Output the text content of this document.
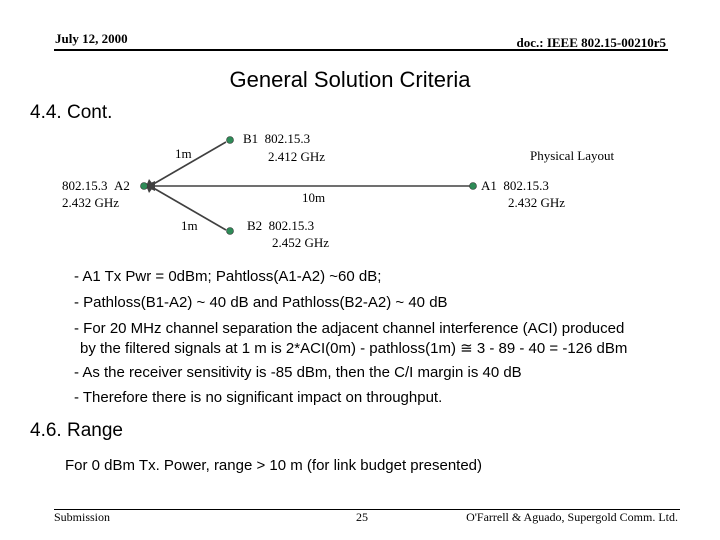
July 12, 2000	doc.: IEEE 802.15-00210r5
General Solution Criteria
4.4. Cont.
Physical Layout
1m
10m
1m
B1 802.15.3
2.412 GHz
802.15.3 A2
2.432 GHz
A1 802.15.3
2.432 GHz
B2 802.15.3
2.452 GHz
- A1 Tx Pwr = 0dBm; Pahtloss(A1-A2) ~60 dB;
- Pathloss(B1-A2) ~ 40 dB and Pathloss(B2-A2) ~ 40 dB
- For 20 MHz channel separation the adjacent channel interference (ACI) produced
by the filtered signals at 1 m is 2*ACI(0m) - pathloss(1m) ≅ 3 - 89 - 40 = -126 dBm
- As the receiver sensitivity is -85 dBm, then the C/I margin is 40 dB
- Therefore there is no significant impact on throughput.
4.6. Range
For 0 dBm Tx. Power, range > 10 m (for link budget presented)
Submission	25	O'Farrell & Aguado, Supergold Comm. Ltd.
